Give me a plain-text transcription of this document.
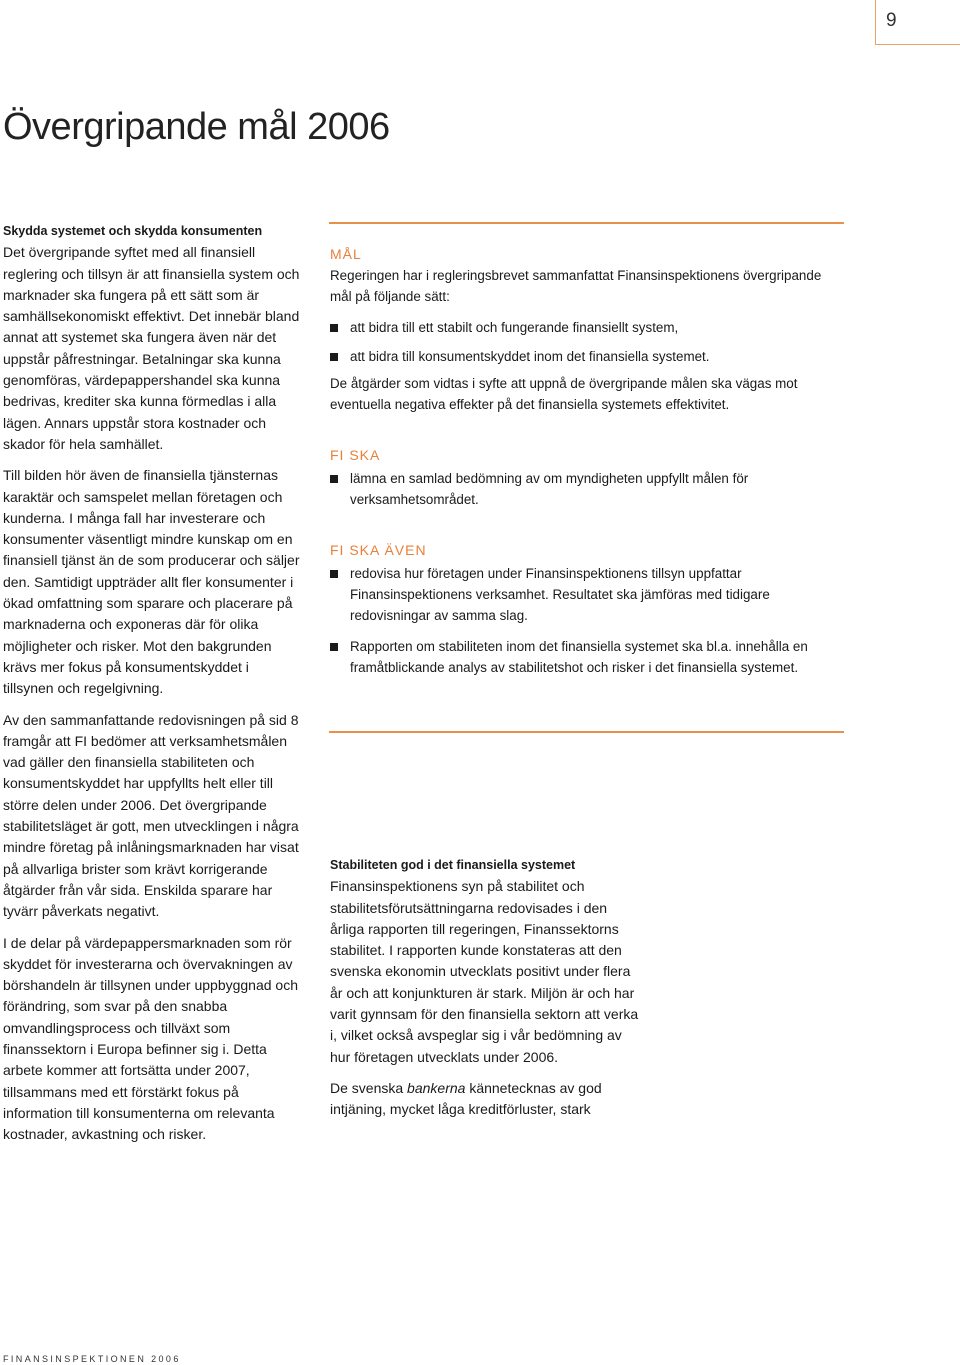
9
Övergripande mål 2006

Skydda systemet och skydda konsumenten
Det övergripande syftet med all finansiell reglering och tillsyn är att finansiella system och marknader ska fungera på ett sätt som är samhällsekonomiskt effektivt. Det innebär bland annat att systemet ska fungera även när det uppstår påfrestningar. Betalningar ska kunna genomföras, värdepappershandel ska kunna bedrivas, krediter ska kunna förmedlas i alla lägen. Annars uppstår stora kostnader och skador för hela samhället.

Till bilden hör även de finansiella tjänsternas karaktär och samspelet mellan företagen och kunderna. I många fall har investerare och konsumenter väsentligt mindre kunskap om en finansiell tjänst än de som producerar och säljer den. Samtidigt uppträder allt fler konsumenter i ökad omfattning som sparare och placerare på marknaderna och exponeras där för olika möjligheter och risker. Mot den bakgrunden krävs mer fokus på konsumentskyddet i tillsynen och regelgivning.

Av den sammanfattande redovisningen på sid 8 framgår att FI bedömer att verksamhetsmålen vad gäller den finansiella stabiliteten och konsumentskyddet har uppfyllts helt eller till större delen under 2006. Det övergripande stabilitetsläget är gott, men utvecklingen i några mindre företag på inlåningsmarknaden har visat på allvarliga brister som krävt korrigerande åtgärder från vår sida. Enskilda sparare har tyvärr påverkats negativt.

I de delar på värdepappersmarknaden som rör skyddet för investerarna och övervakningen av börshandeln är tillsynen under uppbyggnad och förändring, som svar på den snabba omvandlingsprocess och tillväxt som finanssektorn i Europa befinner sig i. Detta arbete kommer att fortsätta under 2007, tillsammans med ett förstärkt fokus på information till konsumenterna om relevanta kostnader, avkastning och risker.

MÅL

Regeringen har i regleringsbrevet sammanfattat Finansinspektionens övergripande mål på följande sätt:

att bidra till ett stabilt och fungerande finansiellt system,
att bidra till konsumentskyddet inom det finansiella systemet.

De åtgärder som vidtas i syfte att uppnå de övergripande målen ska vägas mot eventuella negativa effekter på det finansiella systemets effektivitet.

FI SKA

lämna en samlad bedömning av om myndigheten uppfyllt målen för verksamhetsområdet.

FI SKA ÄVEN

redovisa hur företagen under Finansinspektionens tillsyn uppfattar Finansinspektionens verksamhet. Resultatet ska jämföras med tidigare redovisningar av samma slag.
Rapporten om stabiliteten inom det finansiella systemet ska bl.a. innehålla en framåtblickande analys av stabilitetshot och risker i det finansiella systemet.

Stabiliteten god i det finansiella systemet
Finansinspektionens syn på stabilitet och stabilitetsförutsättningarna redovisades i den årliga rapporten till regeringen, Finanssektorns stabilitet. I rapporten kunde konstateras att den svenska ekonomin utvecklats positivt under flera år och att konjunkturen är stark. Miljön är och har varit gynnsam för den finansiella sektorn att verka i, vilket också avspeglar sig i vår bedömning av hur företagen utvecklats under 2006.

De svenska bankerna kännetecknas av god intjäning, mycket låga kreditförluster, stark

FINANSINSPEKTIONEN 2006
